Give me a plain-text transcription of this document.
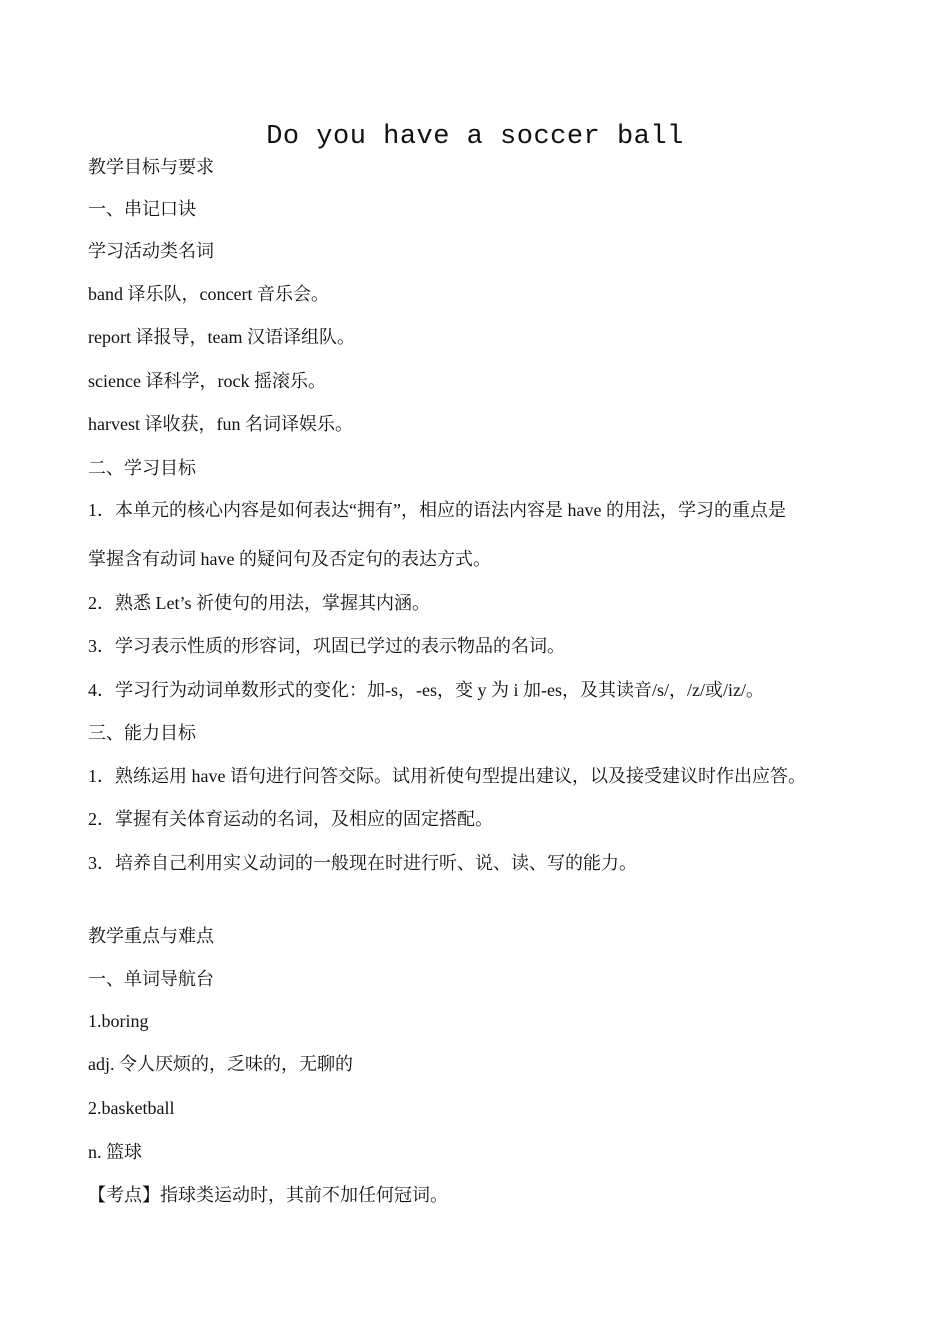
Do you have a soccer ball
教学目标与要求
一、串记口诀
学习活动类名词
band 译乐队，concert 音乐会。
report 译报导，team 汉语译组队。
science 译科学，rock 摇滚乐。
harvest 译收获，fun 名词译娱乐。
二、学习目标
1．本单元的核心内容是如何表达“拥有”，相应的语法内容是 have 的用法，学习的重点是
掌握含有动词 have 的疑问句及否定句的表达方式。
2．熟悉 Let’s 祈使句的用法，掌握其内涵。
3．学习表示性质的形容词，巩固已学过的表示物品的名词。
4．学习行为动词单数形式的变化：加-s，-es，变 y 为 i 加-es，及其读音/s/，/z/或/iz/。
三、能力目标
1．熟练运用 have 语句进行问答交际。试用祈使句型提出建议，以及接受建议时作出应答。
2．掌握有关体育运动的名词，及相应的固定搭配。
3．培养自己利用实义动词的一般现在时进行听、说、读、写的能力。
教学重点与难点
一、单词导航台
1.boring
adj. 令人厌烦的，乏味的，无聊的
2.basketball
n. 篮球
【考点】指球类运动时，其前不加任何冠词。
